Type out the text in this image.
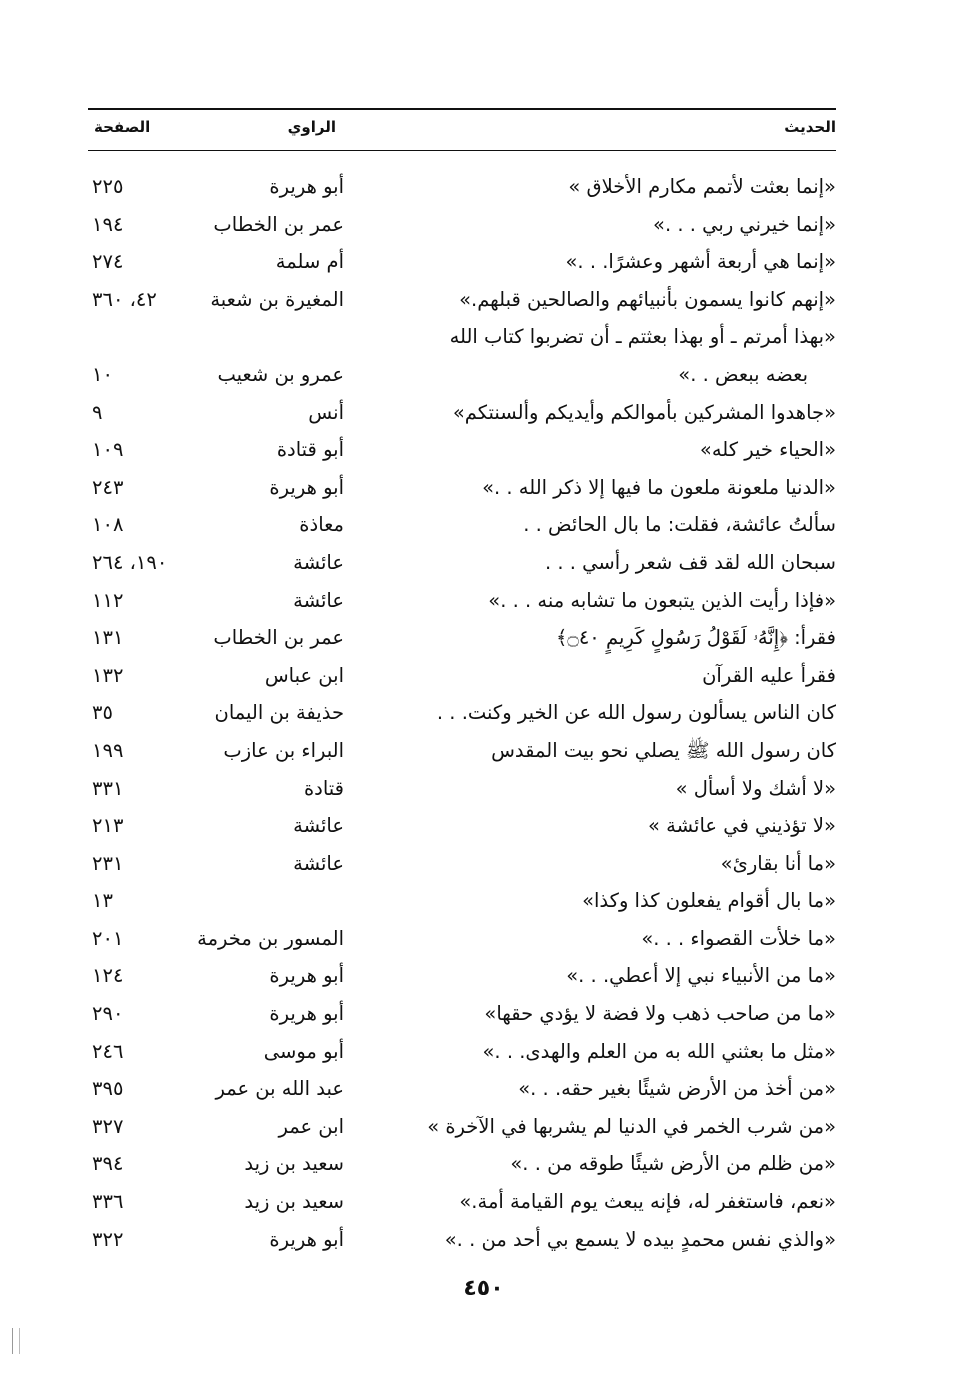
الحديث
الراوي
الصفحة
«إنما بعثت لأتمم مكارم الأخلاق »
أبو هريرة
٢٢٥
«إنما خيرني ربي . . .»
عمر بن الخطاب
١٩٤
«إنما هي أربعة أشهر وعشرًا. . .»
أم سلمة
٢٧٤
«إنهم كانوا يسمون بأنبيائهم والصالحين قبلهم.»
المغيرة بن شعبة
٤٢، ٣٦٠
«بهذا أمرتم ـ أو بهذا بعثتم ـ أن تضربوا كتاب الله
بعضه ببعض . .»
عمرو بن شعيب
١٠
«جاهدوا المشركين بأموالكم وأيديكم وألسنتكم»
أنس
٩
«الحياء خير كله»
أبو قتادة
١٠٩
«الدنيا ملعونة ملعون ما فيها إلا ذكر الله . .»
أبو هريرة
٢٤٣
سألتُ عائشة، فقلت: ما بال الحائض . .
معاذة
١٠٨
سبحان الله لقد قف شعر رأسي . . .
عائشة
١٩٠، ٢٦٤
«فإذا رأيت الذين يتبعون ما تشابه منه . . .»
عائشة
١١٢
فقرأ: ﴿إِنَّهُۥ لَقَوْلُ رَسُولٍ كَرِيمٍ ۝٤٠﴾
عمر بن الخطاب
١٣١
فقرأ عليه القرآن
ابن عباس
١٣٢
كان الناس يسألون رسول الله عن الخير وكنت. . .
حذيفة بن اليمان
٣٥
كان رسول الله ﷺ يصلي نحو بيت المقدس
البراء بن عازب
١٩٩
«لا أشك ولا أسأل »
قتادة
٣٣١
«لا تؤذيني في عائشة »
عائشة
٢١٣
«ما أنا بقارئ»
عائشة
٢٣١
«ما بال أقوام يفعلون كذا وكذا»
١٣
«ما خلأت القصواء . . .»
المسور بن مخرمة
٢٠١
«ما من الأنبياء نبي إلا أعطي. . .»
أبو هريرة
١٢٤
«ما من صاحب ذهب ولا فضة لا يؤدي حقها»
أبو هريرة
٢٩٠
«مثل ما بعثني الله به من العلم والهدى. . .»
أبو موسى
٢٤٦
«من أخذ من الأرض شيئًا بغير حقه. . .»
عبد الله بن عمر
٣٩٥
«من شرب الخمر في الدنيا لم يشربها في الآخرة »
ابن عمر
٣٢٧
«من ظلم من الأرض شيئًا طوقه من . .»
سعيد بن زيد
٣٩٤
«نعم، فاستغفر له، فإنه يبعث يوم القيامة أمة.»
سعيد بن زيد
٣٣٦
«والذي نفس محمدٍ بيده لا يسمع بي أحد من . .»
أبو هريرة
٣٢٢
٤٥٠
